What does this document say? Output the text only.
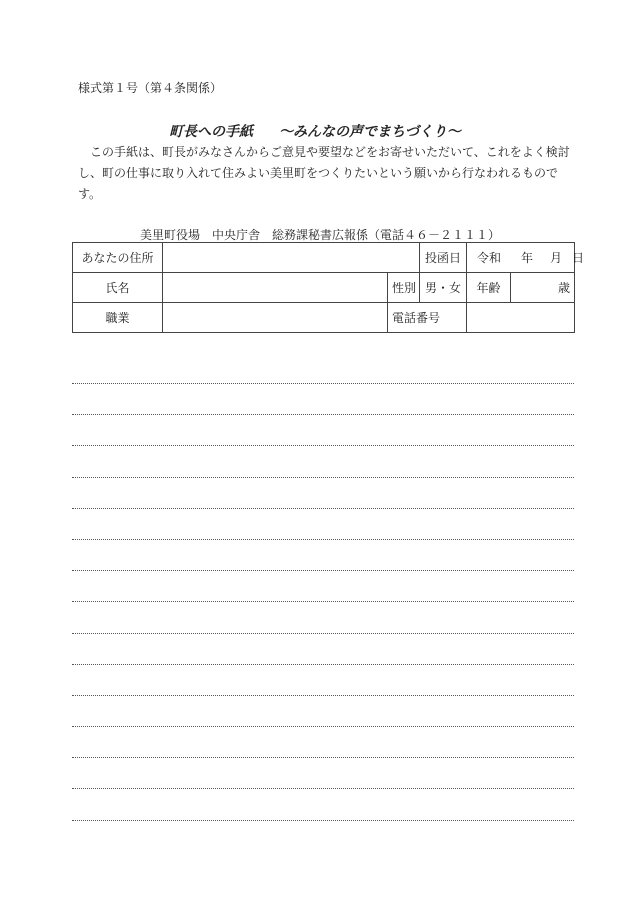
様式第１号（第４条関係）
町長への手紙 ～みんなの声でまちづくり～

この手紙は、町長がみなさんからご意見や要望などをお寄せいただいて、これをよく検討し、町の仕事に取り入れて住みよい美里町をつくりたいという願いから行なわれるものです。

美里町役場　中央庁舎　総務課秘書広報係（電話４６－２１１１）
あなたの住所			投函日	令和 年 月 日	
氏名		性別	男・女	年齢	歳
職業		電話番号			
